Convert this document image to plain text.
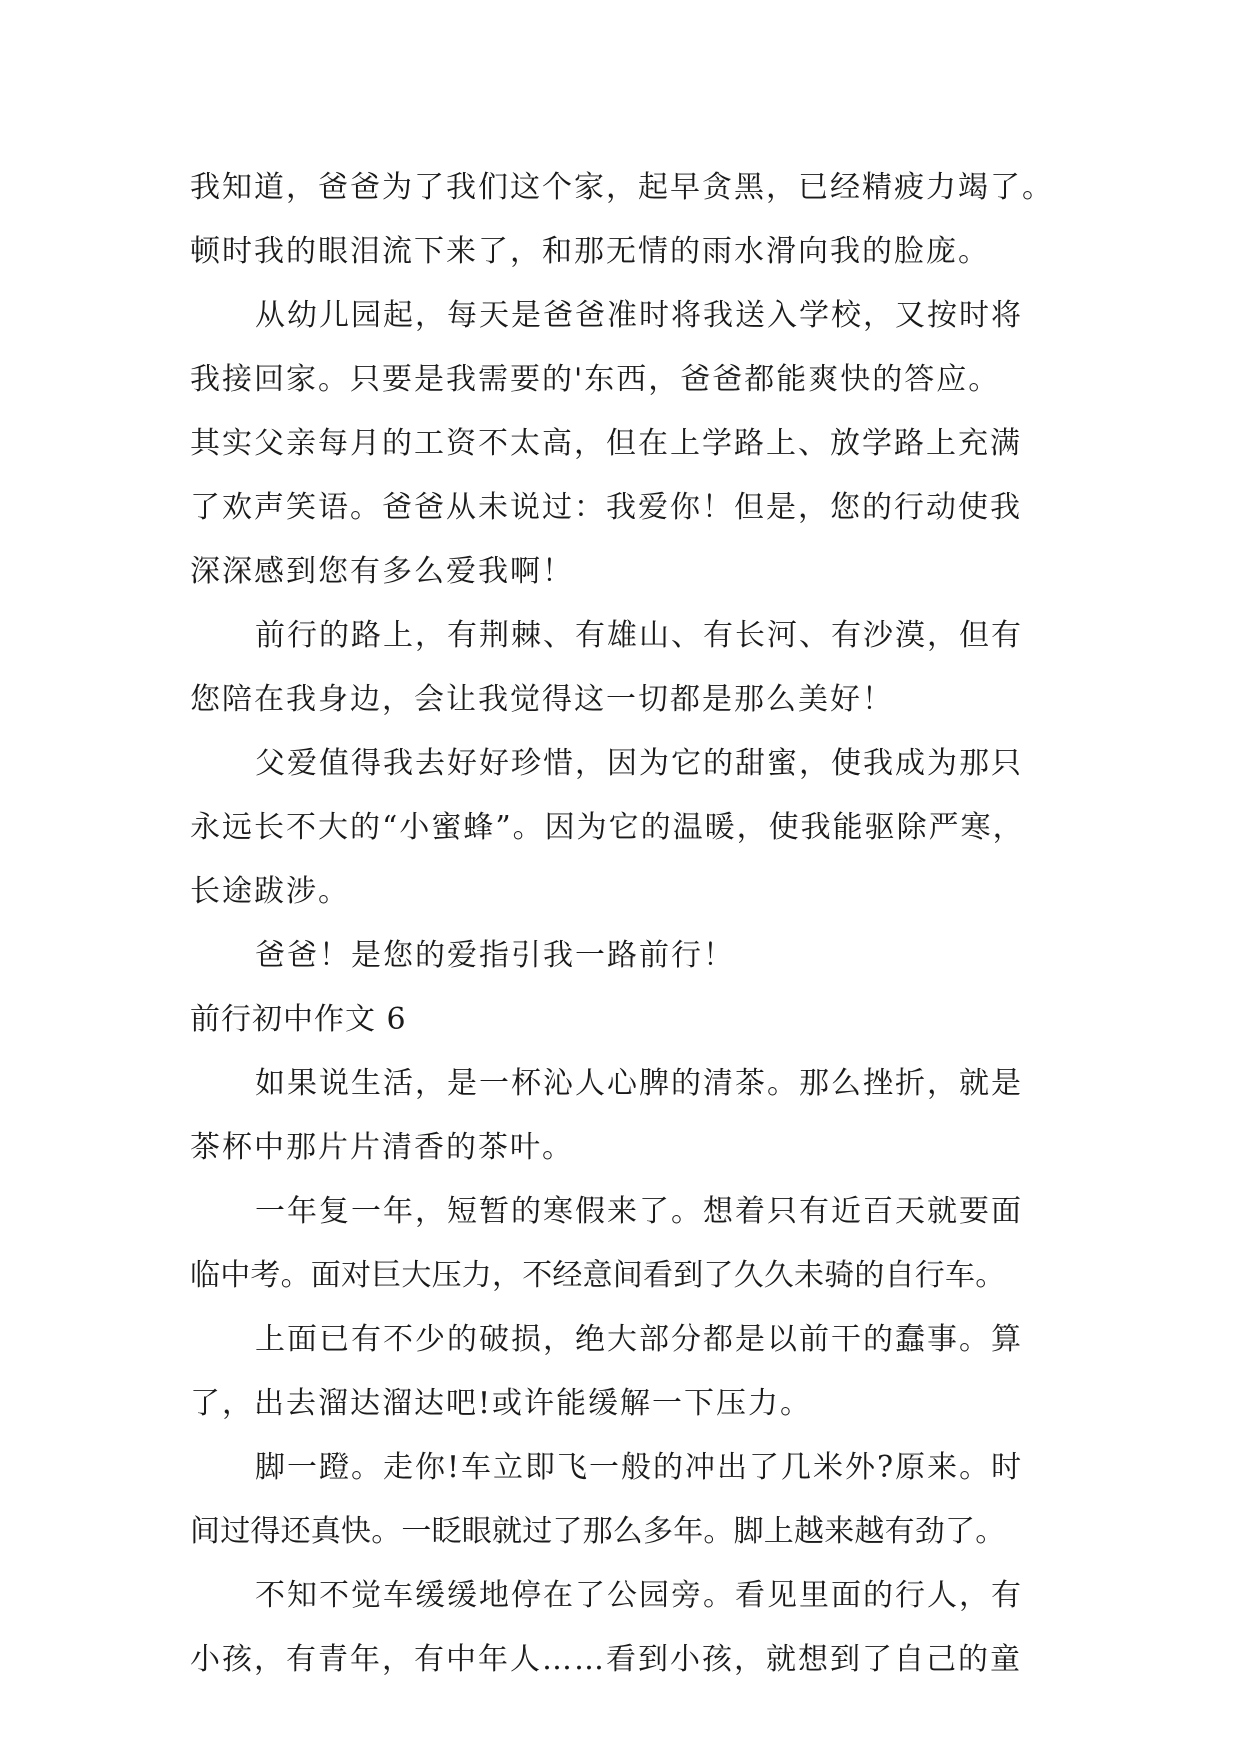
我知道，爸爸为了我们这个家，起早贪黑，已经精疲力竭了。
顿时我的眼泪流下来了，和那无情的雨水滑向我的脸庞。
从幼儿园起，每天是爸爸准时将我送入学校，又按时将
我接回家。只要是我需要的'东西，爸爸都能爽快的答应。
其实父亲每月的工资不太高，但在上学路上、放学路上充满
了欢声笑语。爸爸从未说过：我爱你！但是，您的行动使我
深深感到您有多么爱我啊！
前行的路上，有荆棘、有雄山、有长河、有沙漠，但有
您陪在我身边，会让我觉得这一切都是那么美好！
父爱值得我去好好珍惜，因为它的甜蜜，使我成为那只
永远长不大的“小蜜蜂”。因为它的温暖，使我能驱除严寒，
长途跋涉。
爸爸！是您的爱指引我一路前行！
前行初中作文 6
如果说生活，是一杯沁人心脾的清茶。那么挫折，就是
茶杯中那片片清香的茶叶。
一年复一年，短暂的寒假来了。想着只有近百天就要面
临中考。面对巨大压力，不经意间看到了久久未骑的自行车。
上面已有不少的破损，绝大部分都是以前干的蠢事。算
了，出去溜达溜达吧!或许能缓解一下压力。
脚一蹬。走你!车立即飞一般的冲出了几米外?原来。时
间过得还真快。一眨眼就过了那么多年。脚上越来越有劲了。
不知不觉车缓缓地停在了公园旁。看见里面的行人，有
小孩，有青年，有中年人……看到小孩，就想到了自己的童
